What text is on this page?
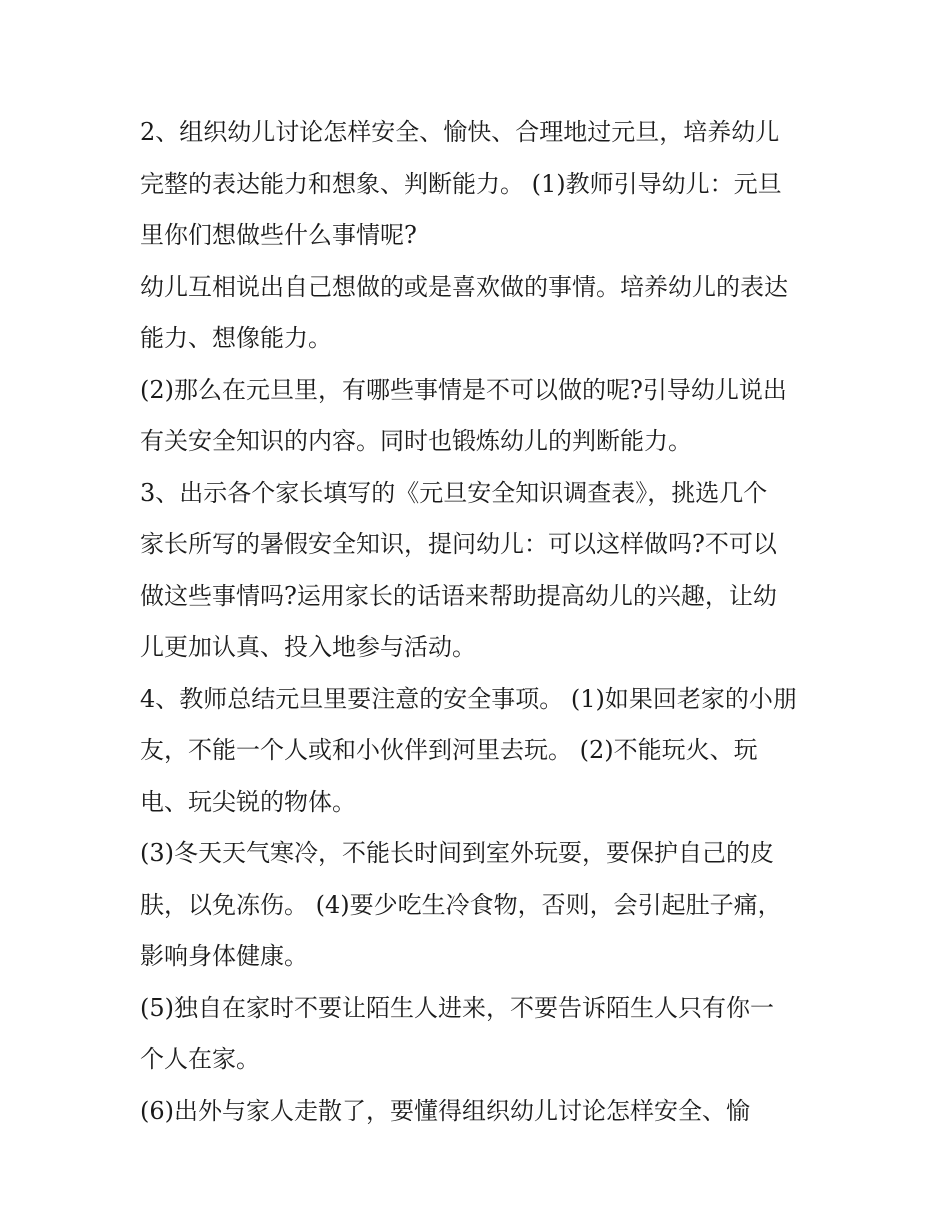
2、组织幼儿讨论怎样安全、愉快、合理地过元旦，培养幼儿
完整的表达能力和想象、判断能力。 (1)教师引导幼儿：元旦
里你们想做些什么事情呢?
幼儿互相说出自己想做的或是喜欢做的事情。培养幼儿的表达
能力、想像能力。
(2)那么在元旦里，有哪些事情是不可以做的呢?引导幼儿说出
有关安全知识的内容。同时也锻炼幼儿的判断能力。
3、出示各个家长填写的《元旦安全知识调查表》，挑选几个
家长所写的暑假安全知识，提问幼儿：可以这样做吗?不可以
做这些事情吗?运用家长的话语来帮助提高幼儿的兴趣，让幼
儿更加认真、投入地参与活动。
4、教师总结元旦里要注意的安全事项。 (1)如果回老家的小朋
友，不能一个人或和小伙伴到河里去玩。 (2)不能玩火、玩
电、玩尖锐的物体。
(3)冬天天气寒冷，不能长时间到室外玩耍，要保护自己的皮
肤，以免冻伤。 (4)要少吃生冷食物，否则，会引起肚子痛，
影响身体健康。
(5)独自在家时不要让陌生人进来，不要告诉陌生人只有你一
个人在家。
(6)出外与家人走散了，要懂得组织幼儿讨论怎样安全、愉
